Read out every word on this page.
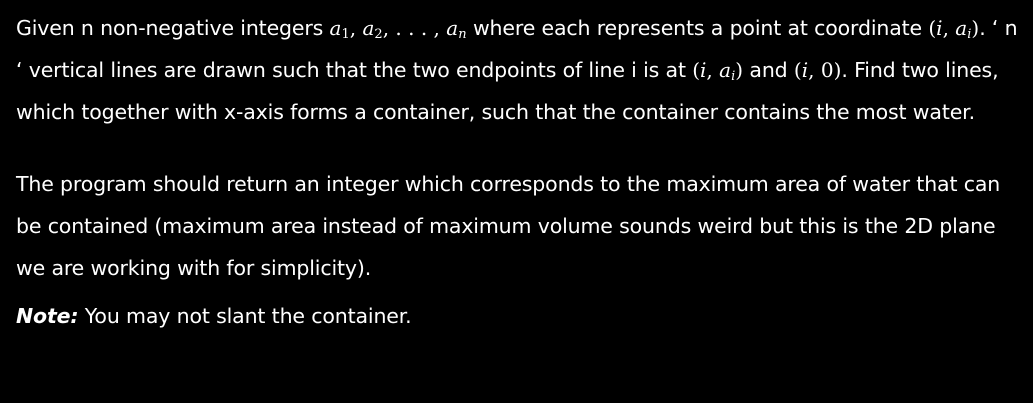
Given n non-negative integers $a_1$, $a_2$, . . . , $a_n$ where each represents a point at coordinate (i, $a_i$). ‘ n ‘ vertical lines are drawn such that the two endpoints of line i is at (i, $a_i$) and (i, 0). Find two lines, which together with x-axis forms a container, such that the container contains the most water.

The program should return an integer which corresponds to the maximum area of water that can be contained (maximum area instead of maximum volume sounds weird but this is the 2D plane we are working with for simplicity).

Note: You may not slant the container.
